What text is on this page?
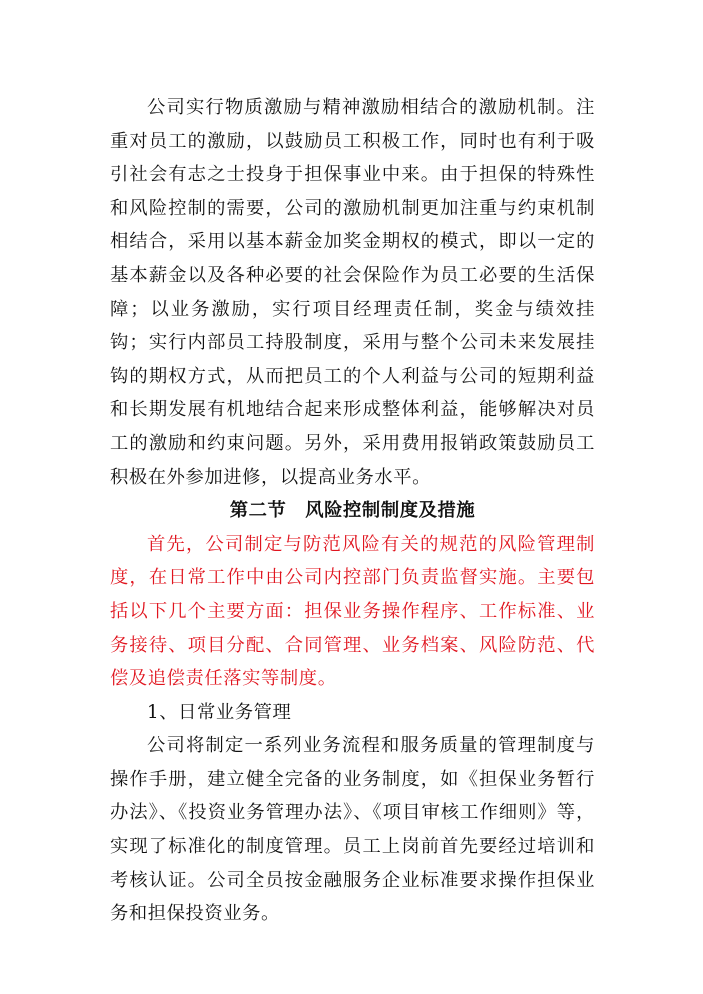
公司实行物质激励与精神激励相结合的激励机制。注重对员工的激励，以鼓励员工积极工作，同时也有利于吸引社会有志之士投身于担保事业中来。由于担保的特殊性和风险控制的需要，公司的激励机制更加注重与约束机制相结合，采用以基本薪金加奖金期权的模式，即以一定的基本薪金以及各种必要的社会保险作为员工必要的生活保障；以业务激励，实行项目经理责任制，奖金与绩效挂钩；实行内部员工持股制度，采用与整个公司未来发展挂钩的期权方式，从而把员工的个人利益与公司的短期利益和长期发展有机地结合起来形成整体利益，能够解决对员工的激励和约束问题。另外，采用费用报销政策鼓励员工积极在外参加进修，以提高业务水平。

第二节　风险控制制度及措施

首先，公司制定与防范风险有关的规范的风险管理制度，在日常工作中由公司内控部门负责监督实施。主要包括以下几个主要方面：担保业务操作程序、工作标准、业务接待、项目分配、合同管理、业务档案、风险防范、代偿及追偿责任落实等制度。

1、日常业务管理

公司将制定一系列业务流程和服务质量的管理制度与操作手册，建立健全完备的业务制度，如《担保业务暂行办法》、《投资业务管理办法》、《项目审核工作细则》等，实现了标准化的制度管理。员工上岗前首先要经过培训和考核认证。公司全员按金融服务企业标准要求操作担保业务和担保投资业务。
